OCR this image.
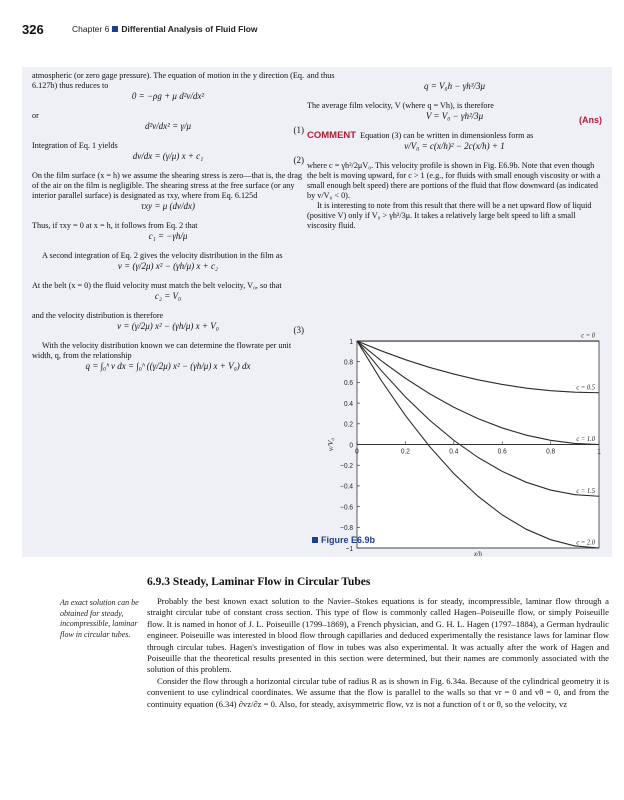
326	Chapter 6 Differential Analysis of Fluid Flow

atmospheric (or zero gage pressure). The equation of motion in the y direction (Eq. 6.127b) thus reduces to

0 = −ρg + μ d²v/dx²

or

d²v/dx² = γ/μ	(1)

Integration of Eq. 1 yields

dv/dx = (γ/μ) x + c₁	(2)

On the film surface (x = h) we assume the shearing stress is zero—that is, the drag of the air on the film is negligible. The shearing stress at the free surface (or any interior parallel surface) is designated as τxy, where from Eq. 6.125d

τxy = μ (dv/dx)

Thus, if τxy = 0 at x = h, it follows from Eq. 2 that

c₁ = −γh/μ

A second integration of Eq. 2 gives the velocity distribution in the film as

v = (γ/2μ) x² − (γh/μ) x + c₂

At the belt (x = 0) the fluid velocity must match the belt velocity, V₀, so that

c₂ = V₀

and the velocity distribution is therefore

v = (γ/2μ) x² − (γh/μ) x + V₀	(3)

With the velocity distribution known we can determine the flowrate per unit width, q, from the relationship

q = ∫₀ʰ v dx = ∫₀ʰ ((γ/2μ) x² − (γh/μ) x + V₀) dx

and thus

q = V₀h − γh³/3μ

The average film velocity, V (where q = Vh), is therefore

V = V₀ − γh²/3μ	(Ans)

COMMENT Equation (3) can be written in dimensionless form as

v/V₀ = c(x/h)² − 2c(x/h) + 1

where c = γh²/2μV₀. This velocity profile is shown in Fig. E6.9b. Note that even though the belt is moving upward, for c > 1 (e.g., for fluids with small enough viscosity or with a small enough belt speed) there are portions of the fluid that flow downward (as indicated by v/V₀ < 0).

It is interesting to note from this result that there will be a net upward flow of liquid (positive V) only if V₀ > γh²/3μ. It takes a relatively large belt speed to lift a small viscosity fluid.

1
0.8
0.6
0.4
0.2
0
−0.2
−0.4
−0.6
−0.8
−1
0	0.2	0.4	0.6	0.8	1
x/h
v/V₀
c = 0
c = 0.5
c = 1.0
c = 1.5
c = 2.0
Figure E6.9b
6.9.3 Steady, Laminar Flow in Circular Tubes
An exact solution can be obtained for steady, incompressible, laminar flow in circular tubes.

Probably the best known exact solution to the Navier–Stokes equations is for steady, incompressible, laminar flow through a straight circular tube of constant cross section. This type of flow is commonly called Hagen–Poiseuille flow, or simply Poiseuille flow. It is named in honor of J. L. Poiseuille (1799–1869), a French physician, and G. H. L. Hagen (1797–1884), a German hydraulic engineer. Poiseuille was interested in blood flow through capillaries and deduced experimentally the resistance laws for laminar flow through circular tubes. Hagen's investigation of flow in tubes was also experimental. It was actually after the work of Hagen and Poiseuille that the theoretical results presented in this section were determined, but their names are commonly associated with the solution of this problem.

Consider the flow through a horizontal circular tube of radius R as is shown in Fig. 6.34a. Because of the cylindrical geometry it is convenient to use cylindrical coordinates. We assume that the flow is parallel to the walls so that vr = 0 and vθ = 0, and from the continuity equation (6.34) ∂vz/∂z = 0. Also, for steady, axisymmetric flow, vz is not a function of t or θ, so the velocity, vz
